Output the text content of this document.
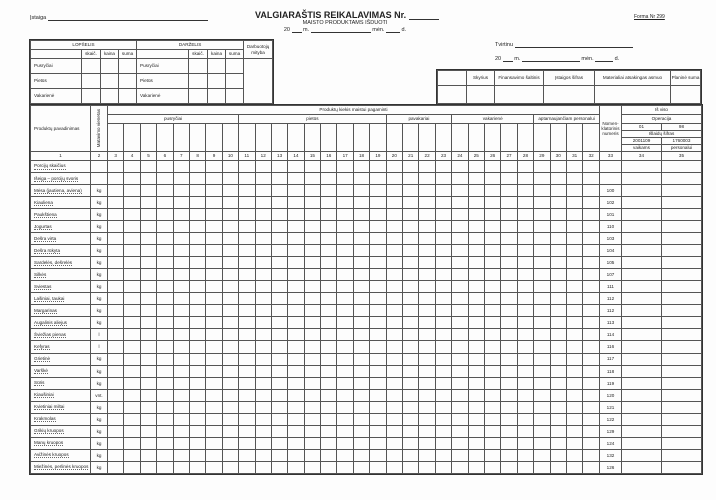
Įstaiga	VALGIARAŠTIS REIKALAVIMAS Nr.
MAISTO PRODUKTAMS IŠDUOTI
20 m.	mėn.	d.
Forma Nr 299
Tvirtinu
20 m.	mėn.	d.
LOPŠELIS				DARŽELIS				Darbuotojų mityba
	skaič.	kaina	suma		skaič.	kaina	suma	
Pusryčiai				Pusryčiai				
Pietūs				Pietūs				
Vakarienė				Vakarienė				
	Skyrius	Finansavimo šaltinis	Įstaigos šifras	Materialiai atsakingas asmuo	Planinė suma

Produktų pavadinimas	Matavimo vienetas	Produktų kiekis maistui pagaminti																														Nomen-klatūrinis numeris	Iš viso	
		pusryčiai								pietūs									pavakariai				vakarienė					aptarnaujančiam personalui					Operacija	
																																	01	98
																																	Išlaidų šifras	
																																	2001109	1760003
																																	vaikams	personalui

1	2	3	4	5	6	7	8	9	10	11	12	13	14	15	16	17	18	19	20	21	22	23	24	25	26	27	28	29	30	31	32	33	34	35
Porcijų skaičius																																		
Išeiga – porcijų svoris																																		
Mėsa (jautiena, aviena)	kg																															100		
Kiauliena	kg																															102		
Paukštiena	kg																															101		
Jogurtas	kg																															110		
Dešra virta	kg																															103		
Dešra rūkyta	kg																															104		
Sardelės, dešrelės	kg																															105		
Silkės	kg																															107		
Sviestas	kg																															111		
Lašiniai, taukai	kg																															112		
Margarinas	kg																															112		
Augalinis aliejus	kg																															113		
Šviežias pienas	l																															114		
Kefyras	l																															116		
Grietinė	kg																															117		
Varškė	kg																															118		
Sūris	kg																															119		
Kiaušiniai	vnt.																															120		
Kvietiniai miltai	kg																															121		
Krakmolas	kg																															122		
Grikių kruopos	kg																															129		
Manų kruopos	kg																															124		
Avižinės kruopos	kg																															132		
Miežinės, perlinės kruopos	kg																															126		
